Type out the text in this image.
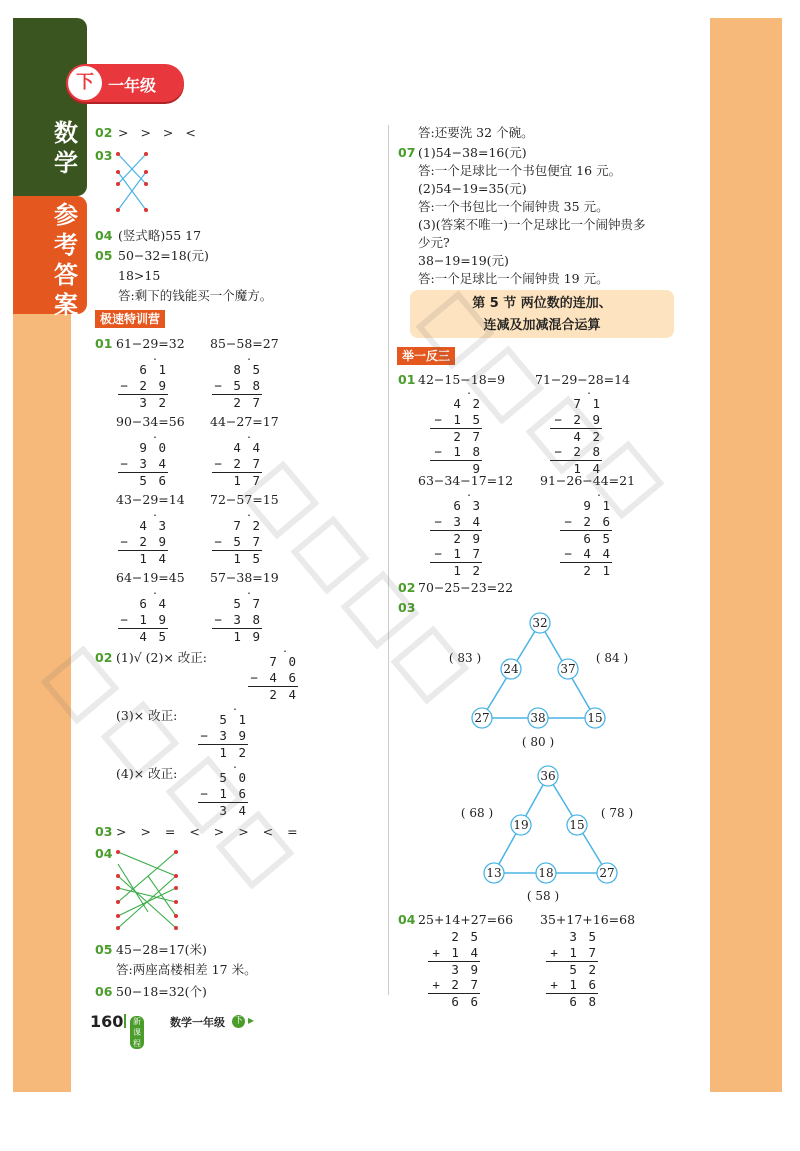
数学
参考答案
下 一年级
02 > > > <
03
04 (竖式略)55 17
05 50−32=18(元)
18>15
答:剩下的钱能买一个魔方。
极速特训营
01 61−29=32 85−58=27
.
6 1
− 2 9
3 2
.
8 5
− 5 8
2 7
90−34=56 44−27=17
.
9 0
− 3 4
5 6
.
4 4
− 2 7
1 7
43−29=14 72−57=15
.
4 3
− 2 9
1 4
.
7 2
− 5 7
1 5
64−19=45 57−38=19
.
6 4
− 1 9
4 5
.
5 7
− 3 8
1 9
02 (1)√ (2)× 改正:
.
7 0
− 4 6
2 4
(3)× 改正:
.
5 1
− 3 9
1 2
(4)× 改正:
.
5 0
− 1 6
3 4
03 > > = < > > < =
04
05 45−28=17(米)
答:两座高楼相差 17 米。
06 50−18=32(个)
答:还要洗 32 个碗。
07 (1)54−38=16(元)
答:一个足球比一个书包便宜 16 元。
(2)54−19=35(元)
答:一个书包比一个闹钟贵 35 元。
(3)(答案不唯一)一个足球比一个闹钟贵多
少元?
38−19=19(元)
答:一个足球比一个闹钟贵 19 元。
第 5 节 两位数的连加、
连减及加减混合运算
举一反三
01 42−15−18=9 71−29−28=14
.
4 2
− 1 5
2 7
− 1 8
9
.
7 1
− 2 9
4 2
− 2 8
1 4
63−34−17=12 91−26−44=21
.
6 3
− 3 4
2 9
− 1 7
1 2
.
9 1
− 2 6
6 5
− 4 4
2 1
02 70−25−23=22
03
32
24	37
27	38	15
( 83 )	( 84 )
( 80 )
36
19	15
13	18	27
( 68 )	( 78 )
( 58 )
04 25+14+27=66 35+17+16=68
2 5
+ 1 4
3 9
+ 2 7
6 6
3 5
+ 1 7
5 2
+ 1 6
6 8
160	新课程
数学一年级 下 ▸
